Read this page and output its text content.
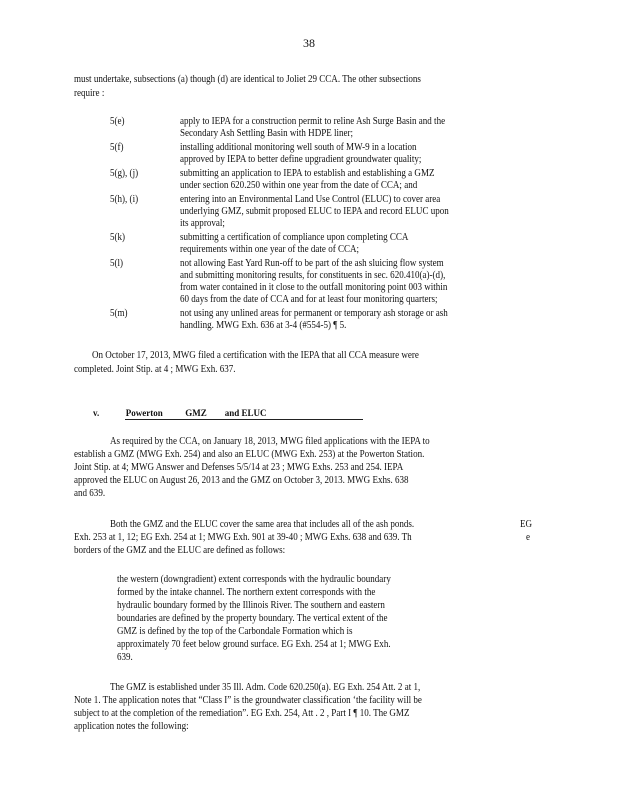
38
must undertake, subsections (a) though (d) are identical to Joliet 29 CCA. The other subsections
require :
5(e)	apply to IEPA for a construction permit to reline Ash Surge Basin and the
Secondary Ash Settling Basin with HDPE liner;
5(f)	installing additional monitoring well south of MW-9 in a location
approved by IEPA to better define upgradient groundwater quality;
5(g), (j)	submitting an application to IEPA to establish and establishing a GMZ
under section 620.250 within one year from the date of CCA; and
5(h), (i)	entering into an Environmental Land Use Control (ELUC) to cover area
underlying GMZ, submit proposed ELUC to IEPA and record ELUC upon
its approval;
5(k)	submitting a certification of compliance upon completing CCA
requirements within one year of the date of CCA;
5(l)	not allowing East Yard Run-off to be part of the ash sluicing flow system
and submitting monitoring results, for constituents in sec. 620.410(a)-(d),
from water contained in it close to the outfall monitoring point 003 within
60 days from the date of CCA and for at least four monitoring quarters;
5(m)	not using any unlined areas for permanent or temporary ash storage or ash
handling. MWG Exh. 636 at 3-4 (#554-5) ¶ 5.
On October 17, 2013, MWG filed a certification with the IEPA that all CCA measure were
completed. Joint Stip. at 4 ; MWG Exh. 637.
v.	Powerton          GMZ        and ELUC
As required by the CCA, on January 18, 2013, MWG filed applications with the IEPA to
establish a GMZ (MWG Exh. 254) and also an ELUC (MWG Exh. 253) at the Powerton Station.
Joint Stip. at 4; MWG Answer and Defenses 5/5/14 at 23 ; MWG Exhs. 253 and 254. IEPA
approved the ELUC on August 26, 2013 and the GMZ on October 3, 2013. MWG Exhs. 638
and 639.
Both the GMZ and the ELUC cover the same area that includes all of the ash ponds.	EG
Exh. 253 at 1, 12; EG Exh. 254 at 1; MWG Exh. 901 at 39-40 ; MWG Exhs. 638 and 639. Th	e
borders of the GMZ and the ELUC are defined as follows:
the western (downgradient) extent corresponds with the hydraulic boundary
formed by the intake channel. The northern extent corresponds with the
hydraulic boundary formed by the Illinois River. The southern and eastern
boundaries are defined by the property boundary. The vertical extent of the
GMZ is defined by the top of the Carbondale Formation which is
approximately 70 feet below ground surface. EG Exh. 254 at 1; MWG Exh.
639.
The GMZ is established under 35 Ill. Adm. Code 620.250(a). EG Exh. 254 Att. 2 at 1,
Note 1. The application notes that “Class I” is the groundwater classification ‘the facility will be
subject to at the completion of the remediation”. EG Exh. 254, Att . 2 , Part I ¶ 10. The GMZ
application notes the following:
